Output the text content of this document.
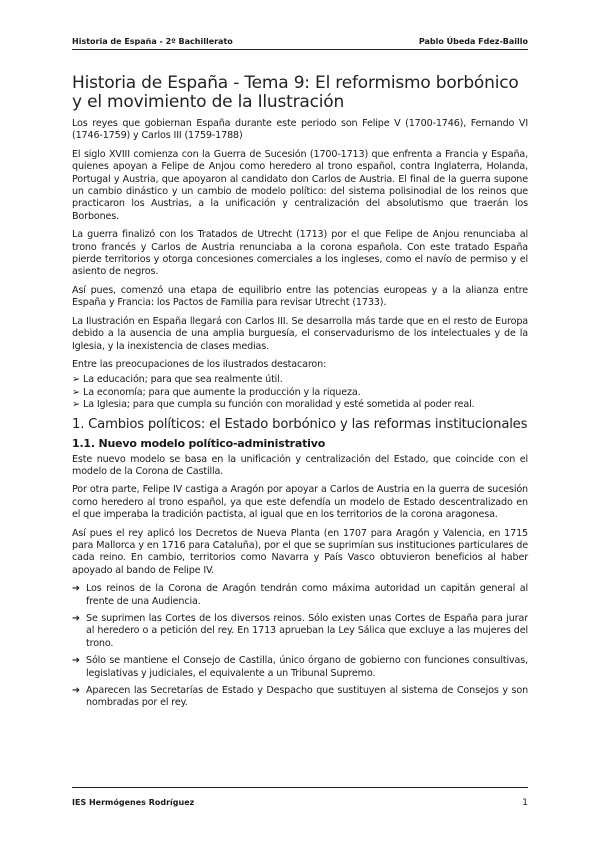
Historia de España - 2º Bachillerato	Pablo Úbeda Fdez-Baillo
Historia de España - Tema 9: El reformismo borbónico y el movimiento de la Ilustración

Los reyes que gobiernan España durante este periodo son Felipe V (1700-1746), Fernando VI (1746-1759) y Carlos III (1759-1788)

El siglo XVIII comienza con la Guerra de Sucesión (1700-1713) que enfrenta a Francia y España, quienes apoyan a Felipe de Anjou como heredero al trono español, contra Inglaterra, Holanda, Portugal y Austria, que apoyaron al candidato don Carlos de Austria. El final de la guerra supone un cambio dinástico y un cambio de modelo político: del sistema polisinodial de los reinos que practicaron los Austrias, a la unificación y centralización del absolutismo que traerán los Borbones.

La guerra finalizó con los Tratados de Utrecht (1713) por el que Felipe de Anjou renunciaba al trono francés y Carlos de Austria renunciaba a la corona española. Con este tratado España pierde territorios y otorga concesiones comerciales a los ingleses, como el navío de permiso y el asiento de negros.

Así pues, comenzó una etapa de equilibrio entre las potencias europeas y a la alianza entre España y Francia: los Pactos de Familia para revisar Utrecht (1733).

La Ilustración en España llegará con Carlos III. Se desarrolla más tarde que en el resto de Europa debido a la ausencia de una amplia burguesía, el conservadurismo de los intelectuales y de la Iglesia, y la inexistencia de clases medias.

Entre las preocupaciones de los ilustrados destacaron:

➢ La educación; para que sea realmente útil.
➢ La economía; para que aumente la producción y la riqueza.
➢ La Iglesia; para que cumpla su función con moralidad y esté sometida al poder real.
1. Cambios políticos: el Estado borbónico y las reformas institucionales
1.1. Nuevo modelo político-administrativo

Este nuevo modelo se basa en la unificación y centralización del Estado, que coincide con el modelo de la Corona de Castilla.

Por otra parte, Felipe IV castiga a Aragón por apoyar a Carlos de Austria en la guerra de sucesión como heredero al trono español, ya que este defendía un modelo de Estado descentralizado en el que imperaba la tradición pactista, al igual que en los territorios de la corona aragonesa.

Así pues el rey aplicó los Decretos de Nueva Planta (en 1707 para Aragón y Valencia, en 1715 para Mallorca y en 1716 para Cataluña), por el que se suprimían sus instituciones particulares de cada reino. En cambio, territorios como Navarra y País Vasco obtuvieron beneficios al haber apoyado al bando de Felipe IV.

➔ Los reinos de la Corona de Aragón tendrán como máxima autoridad un capitán general al frente de una Audiencia.
➔ Se suprimen las Cortes de los diversos reinos. Sólo existen unas Cortes de España para jurar al heredero o a petición del rey. En 1713 aprueban la Ley Sálica que excluye a las mujeres del trono.
➔ Sólo se mantiene el Consejo de Castilla, único órgano de gobierno con funciones consultivas, legislativas y judiciales, el equivalente a un Tribunal Supremo.
➔ Aparecen las Secretarías de Estado y Despacho que sustituyen al sistema de Consejos y son nombradas por el rey.
IES Hermógenes Rodríguez	1
